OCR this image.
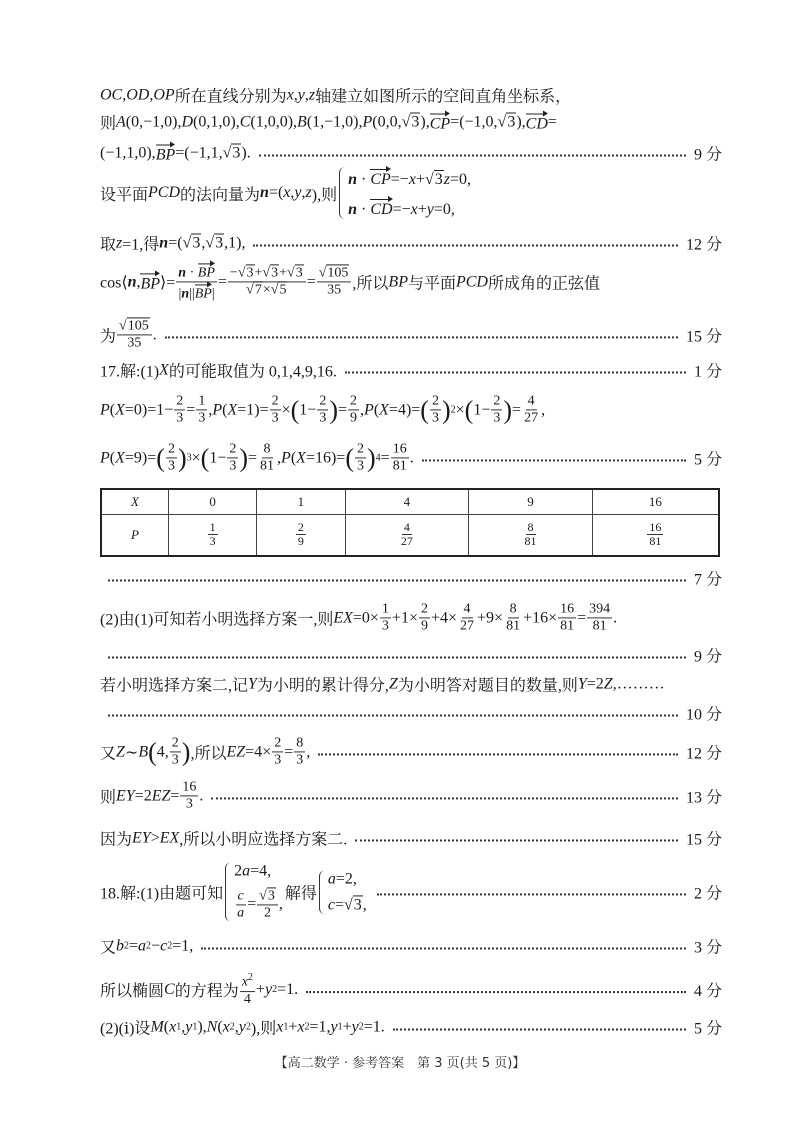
OC , OD , OP 所在直线分别为 x , y , z 轴建立如图所示的空间直角坐标系，
则 A (0,−1,0), D (0,1,0), C (1,0,0), B (1,−1,0), P (0,0, √3 ), CP =(−1,0, √3 ), CD =
(−1,1,0), BP =(−1,1, √3 ).	9 分
设平面 PCD 的法向量为 n =( x , y , z ),则
n · CP=−x+√3z=0,
n · CD=−x+y=0,
取 z =1,得 n =( √3 , √3 ,1),	12 分
cos⟨ n , BP ⟩= $\frac{n \cdot BP}{|n||BP|} = \frac{-√3+√3+√3}{√7\times√5} = \frac{√105}{35}$ ,所以 BP 与平面 PCD 所成角的正弦值
为 $\frac{√105}{35}$ .	15 分
17.解:(1) X 的可能取值为 0,1,4,9,16.	1 分
P ( $X =0)=1- \frac{2}{3} = \frac{1}{3}$ , P ( $X =1)= \frac{2}{3}$ × ( $1- \frac{2}{3}$ ) = $\frac{2}{9}$ , P ( X =4)= ( $\frac{2}{3}$ ) 2 × ( $1- \frac{2}{3}$ ) = $\frac{4}{27}$ ,
P ( X =9)= ( $\frac{2}{3}$ ) 3 × ( $1- \frac{2}{3}$ ) = $\frac{8}{81}$ , P ( X =16)= ( $\frac{2}{3}$ ) $4 = \frac{16}{81}$ .	5 分
7 分
(2)由(1)可知若小明选择方案一,则 EX $=0\times \frac{1}{3} +1\times \frac{2}{9} +4\times \frac{4}{27} +9\times \frac{8}{81} +16\times \frac{16}{81} = \frac{394}{81}$ .
9 分
若小明选择方案二,记 Y 为小明的累计得分, Z 为小明答对题目的数量,则 Y =2 Z ,………
10 分
又 Z ∼ B ( 4, $\frac{2}{3}$ ) ,所以 EZ $=4\times \frac{2}{3} = \frac{8}{3}$ ,	12 分
则 EY =2 EZ = $\frac{16}{3}$ .	13 分
因为 EY > EX ,所以小明应选择方案二.	15 分
18.解:(1)由题可知
2a=4,
$\frac{c}{a} = \frac{√3}{2}$ ,
解得
a=2,
c=√3,
2 分
又 b 2 = a 2 − c 2 =1,	3 分
所以椭圆 C 的方程为 $\frac{x^2}{4} + y$ 2 =1.	4 分
(2)(ⅰ)设 M ( x 1 , y 1 ), N ( x 2 , y 2 ),则 x 1 + x 2 =1, y 1 + y 2 =1.	5 分
X	0	1	4	9	16
P	$\frac{1}{3}$	$\frac{2}{9}$	$\frac{4}{27}$	$\frac{8}{81}$	$\frac{16}{81}$
【高二数学 · 参考答案　第 3 页(共 5 页)】
